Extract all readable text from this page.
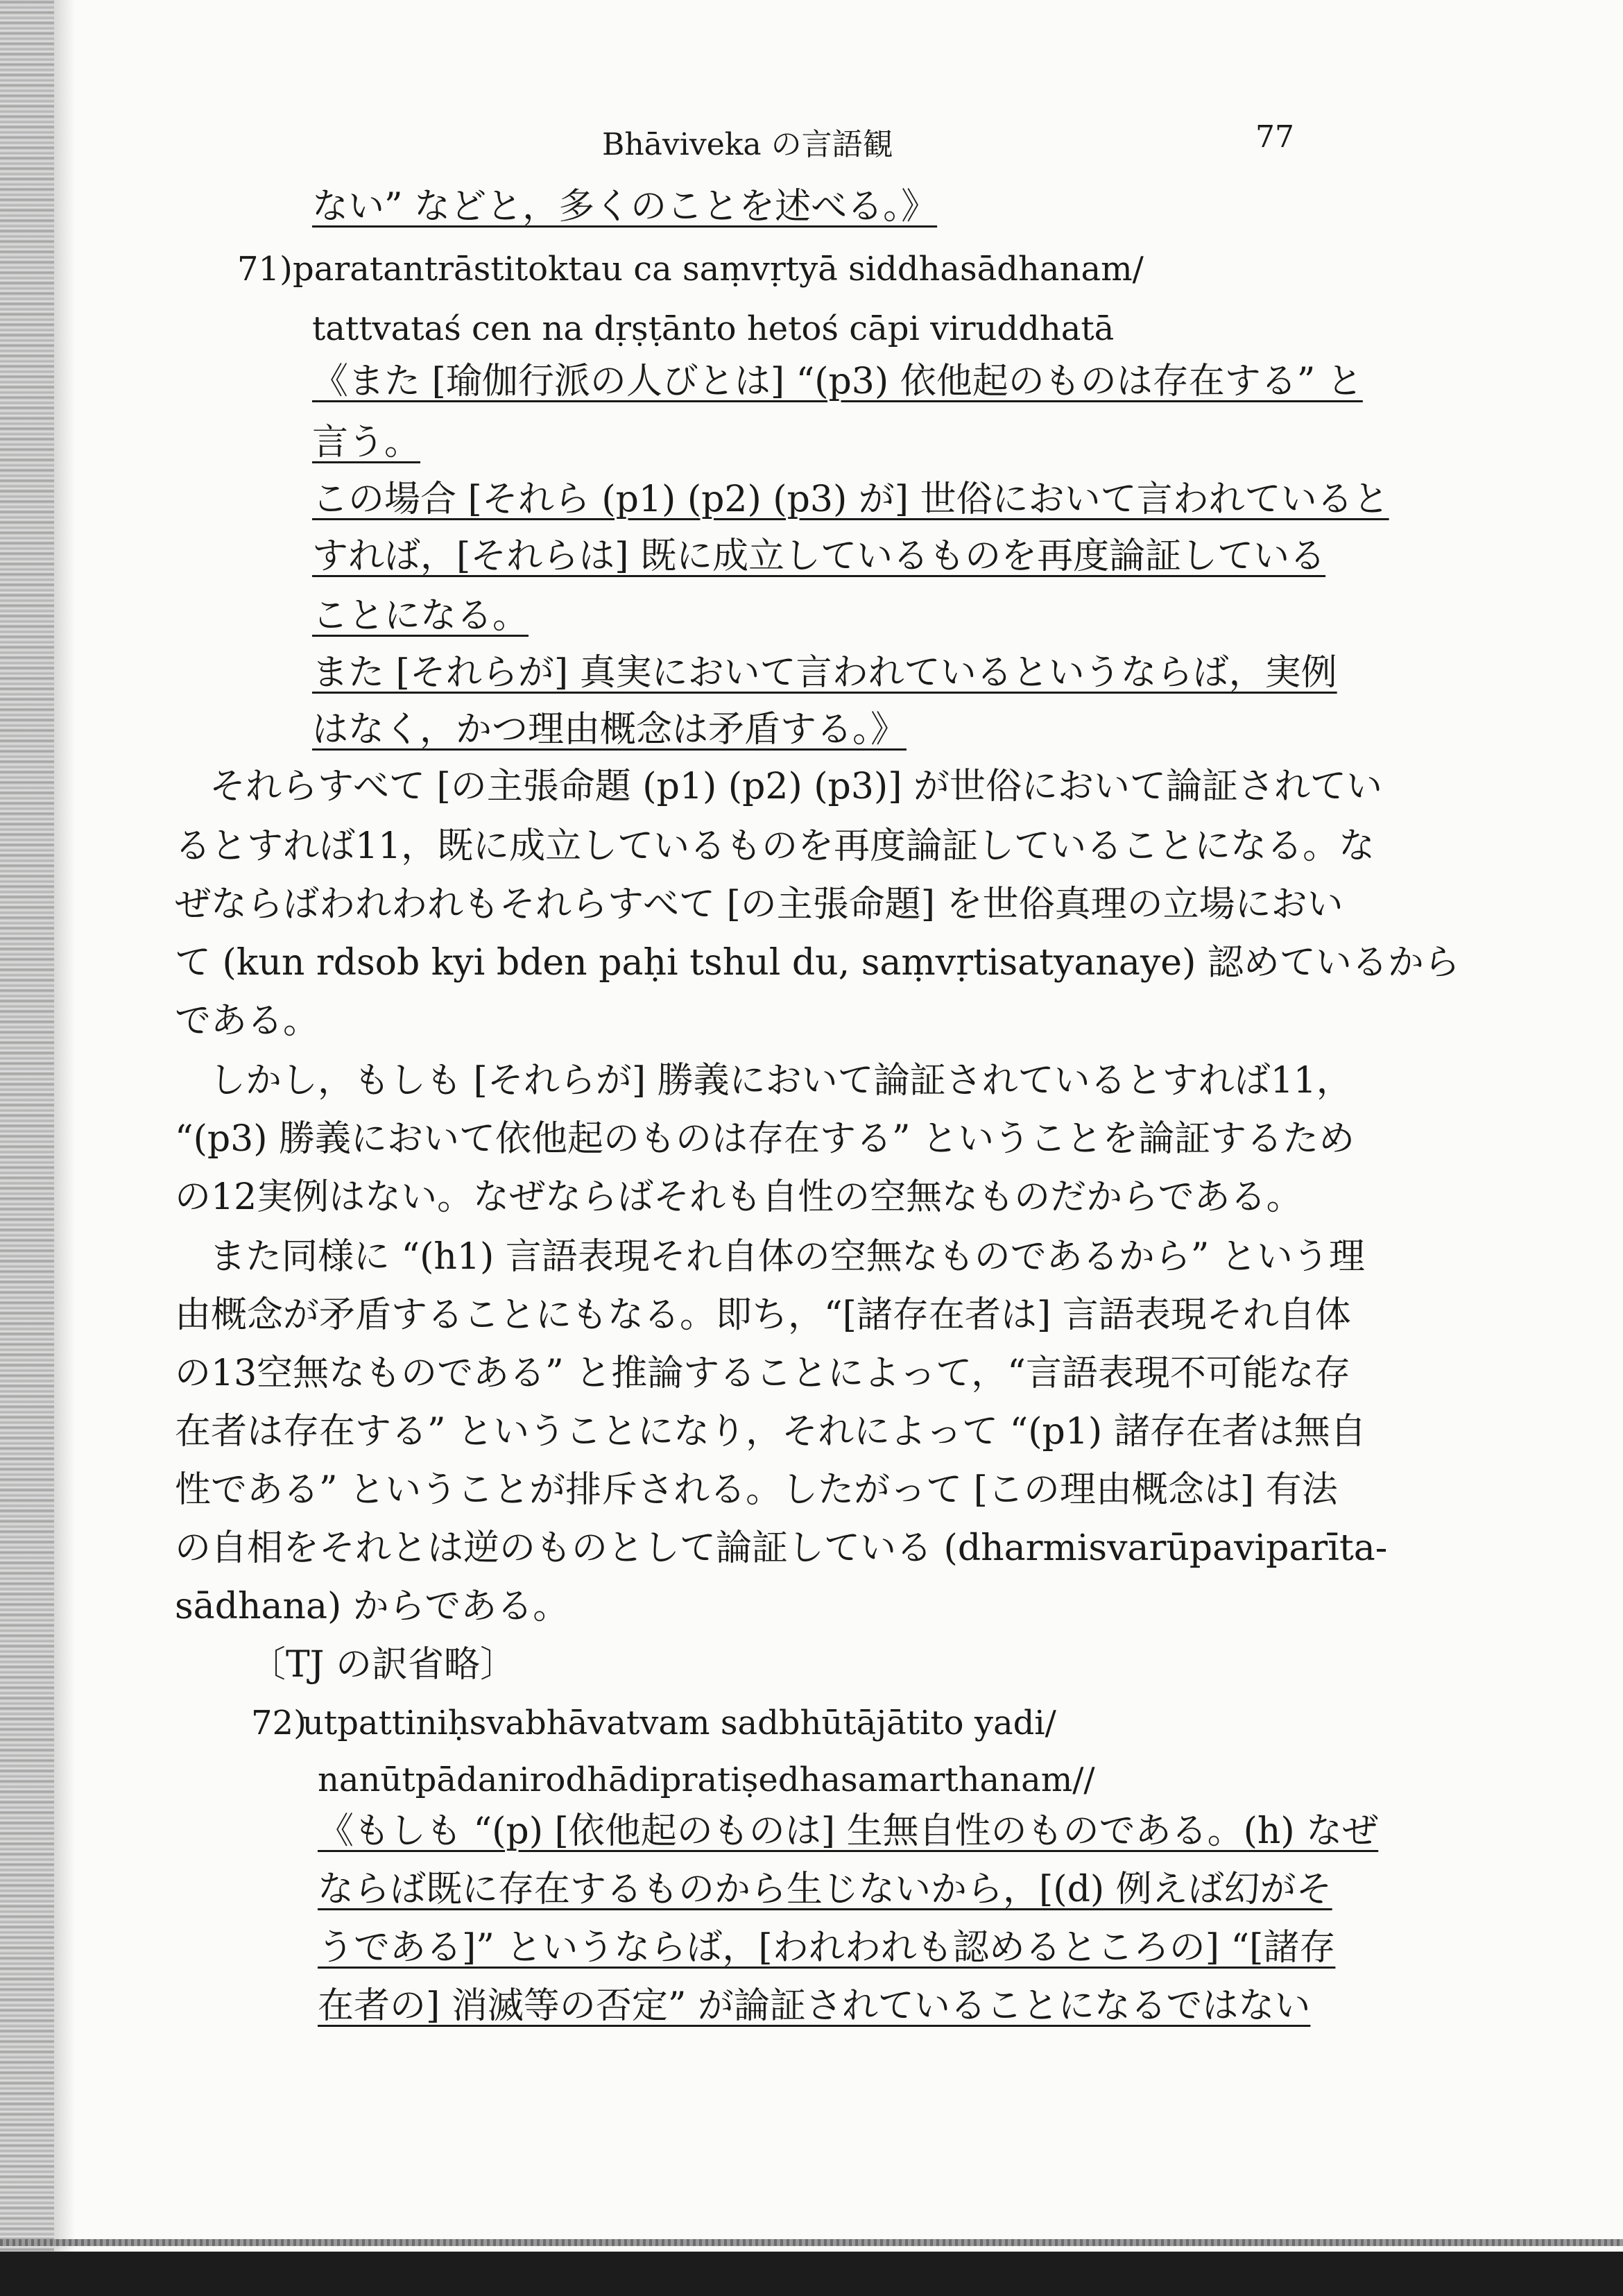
Bhāviveka の言語観	77
ない” などと，多くのことを述べる。》
71) paratantrāstitoktau ca saṃvṛtyā siddhasādhanam/
tattvataś cen na dṛṣṭānto hetoś cāpi viruddhatā
《また [瑜伽行派の人びとは] “(p3) 依他起のものは存在する” と
言う。
この場合 [それら (p1) (p2) (p3) が] 世俗において言われていると
すれば，[それらは] 既に成立しているものを再度論証している
ことになる。
また [それらが] 真実において言われているというならば，実例
はなく，かつ理由概念は矛盾する。》
それらすべて [の主張命題 (p1) (p2) (p3)] が世俗において論証されてい
るとすれば11，既に成立しているものを再度論証していることになる。な
ぜならばわれわれもそれらすべて [の主張命題] を世俗真理の立場におい
て (kun rdsob kyi bden paḥi tshul du, saṃvṛtisatyanaye) 認めているから
である。
しかし，もしも [それらが] 勝義において論証されているとすれば11，
“(p3) 勝義において依他起のものは存在する” ということを論証するため
の12実例はない。なぜならばそれも自性の空無なものだからである。
また同様に “(h1) 言語表現それ自体の空無なものであるから” という理
由概念が矛盾することにもなる。即ち，“[諸存在者は] 言語表現それ自体
の13空無なものである” と推論することによって，“言語表現不可能な存
在者は存在する” ということになり，それによって “(p1) 諸存在者は無自
性である” ということが排斥される。したがって [この理由概念は] 有法
の自相をそれとは逆のものとして論証している (dharmisvarūpaviparīta-
sādhana) からである。
〔TJ の訳省略〕
72)
utpattiniḥsvabhāvatvam sadbhūtājātito yadi/
nanūtpādanirodhādipratiṣedhasamarthanam//
《もしも “(p) [依他起のものは] 生無自性のものである。(h) なぜ
ならば既に存在するものから生じないから，[(d) 例えば幻がそ
うである]” というならば，[われわれも認めるところの] “[諸存
在者の] 消滅等の否定” が論証されていることになるではない
